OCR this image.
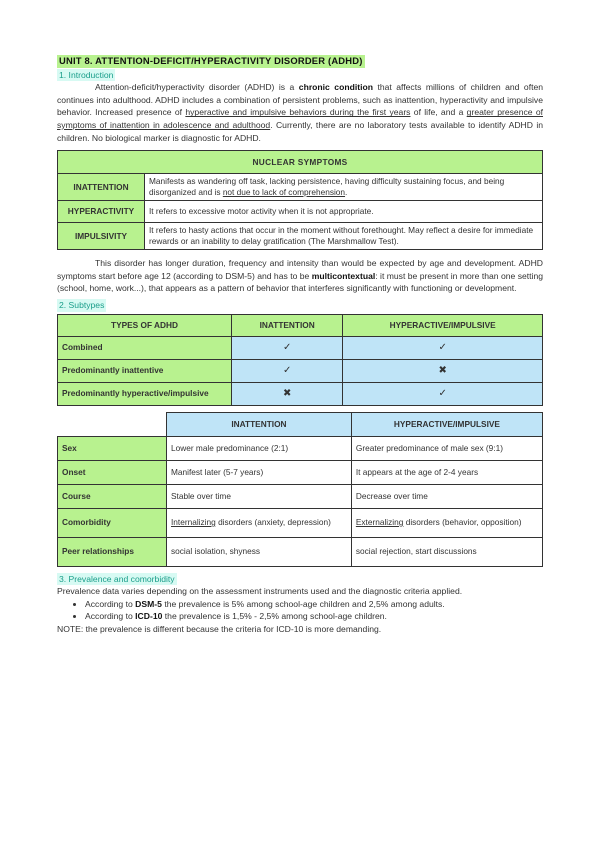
UNIT 8. ATTENTION-DEFICIT/HYPERACTIVITY DISORDER (ADHD)
1. Introduction

Attention-deficit/hyperactivity disorder (ADHD) is a chronic condition that affects millions of children and often continues into adulthood. ADHD includes a combination of persistent problems, such as inattention, hyperactivity and impulsive behavior. Increased presence of hyperactive and impulsive behaviors during the first years of life, and a greater presence of symptoms of inattention in adolescence and adulthood. Currently, there are no laboratory tests available to identify ADHD in children. No biological marker is diagnostic for ADHD.

NUCLEAR SYMPTOMS	
INATTENTION	Manifests as wandering off task, lacking persistence, having difficulty sustaining focus, and being disorganized and is not due to lack of comprehension.
HYPERACTIVITY	It refers to excessive motor activity when it is not appropriate.
IMPULSIVITY	It refers to hasty actions that occur in the moment without forethought. May reflect a desire for immediate rewards or an inability to delay gratification (The Marshmallow Test).

This disorder has longer duration, frequency and intensity than would be expected by age and development. ADHD symptoms start before age 12 (according to DSM-5) and has to be multicontextual: it must be present in more than one setting (school, home, work...), that appears as a pattern of behavior that interferes significantly with functioning or development.

2. Subtypes
TYPES OF ADHD	INATTENTION	HYPERACTIVE/IMPULSIVE
Combined	✓	✓
Predominantly inattentive	✓	✖
Predominantly hyperactive/impulsive	✖	✓
	INATTENTION	HYPERACTIVE/IMPULSIVE
Sex	Lower male predominance (2:1)	Greater predominance of male sex (9:1)
Onset	Manifest later (5-7 years)	It appears at the age of 2-4 years
Course	Stable over time	Decrease over time
Comorbidity	Internalizing disorders (anxiety, depression)	Externalizing disorders (behavior, opposition)
Peer relationships	social isolation, shyness	social rejection, start discussions
3. Prevalence and comorbidity

Prevalence data varies depending on the assessment instruments used and the diagnostic criteria applied.

• According to DSM-5 the prevalence is 5% among school-age children and 2,5% among adults.
• According to ICD-10 the prevalence is 1,5% - 2,5% among school-age children.

NOTE: the prevalence is different because the criteria for ICD-10 is more demanding.
